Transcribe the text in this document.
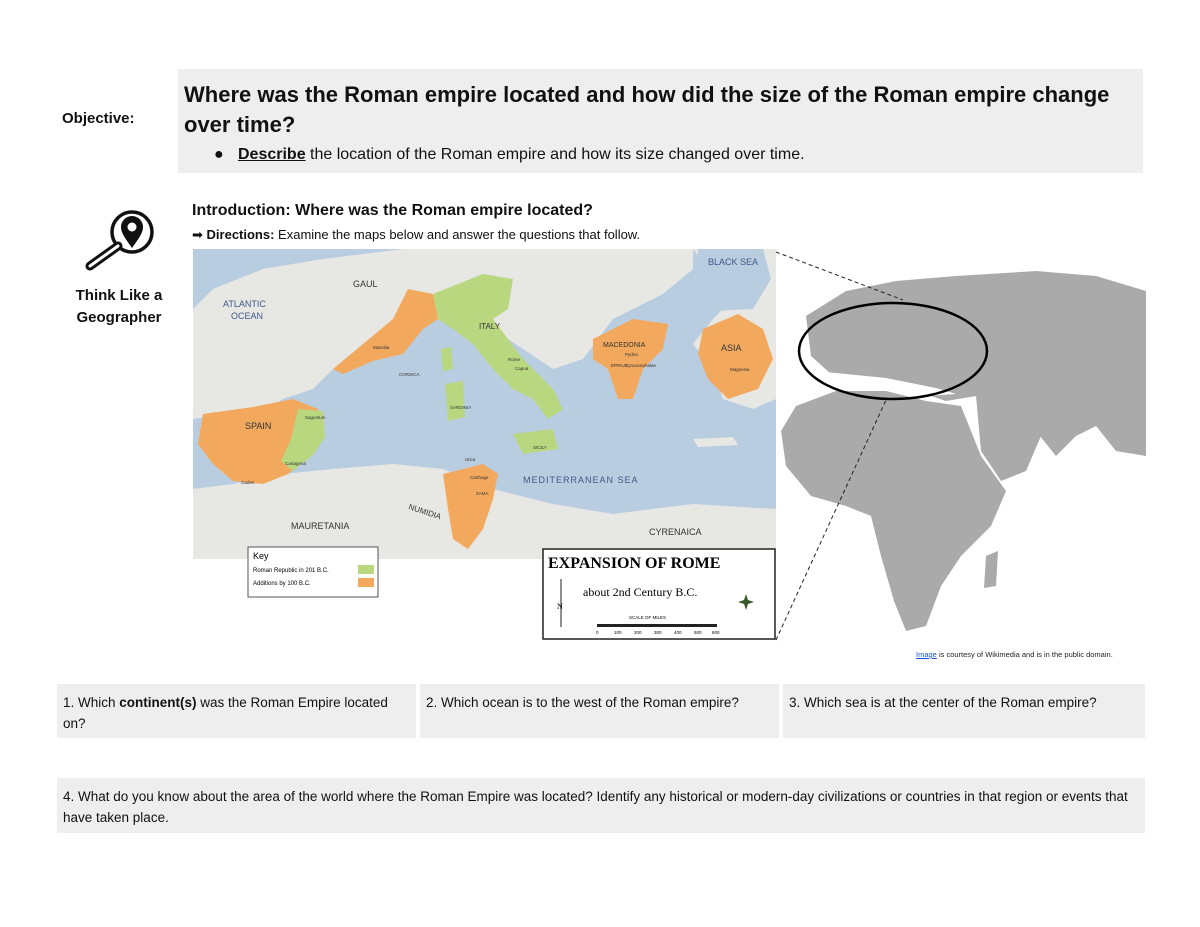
Objective:
Where was the Roman empire located and how did the size of the Roman empire change over time?
● Describe the location of the Roman empire and how its size changed over time.
Think Like a Geographer
Introduction: Where was the Roman empire located?
➡ Directions: Examine the maps below and answer the questions that follow.
BLACK SEA
GAUL
ATLANTIC
OCEAN
ITALY
MACEDONIA	ASIA
Massilia
CORSICA
SARDINIA
Rome
Capua
Pydna
EPIRUS
Cynoscephalae
Magnesia
SPAIN
Saguntum
Cartagena
Gades
SICILY
Utica
Carthage
ZAMA
MEDITERRANEAN SEA
MAURETANIA
NUMIDIA
CYRENAICA
Key
Roman Republic in 201 B.C.
Additions by 100 B.C.
EXPANSION OF ROME
about 2nd Century B.C.
N
SCALE OF MILES
0	100	200	300	400	500 600
Image is courtesy of Wikimedia and is in the public domain.
1. Which continent(s) was the Roman Empire located on?
2. Which ocean is to the west of the Roman empire?	3. Which sea is at the center of the Roman empire?
4. What do you know about the area of the world where the Roman Empire was located? Identify any historical or modern-day civilizations or countries in that region or events that have taken place.
